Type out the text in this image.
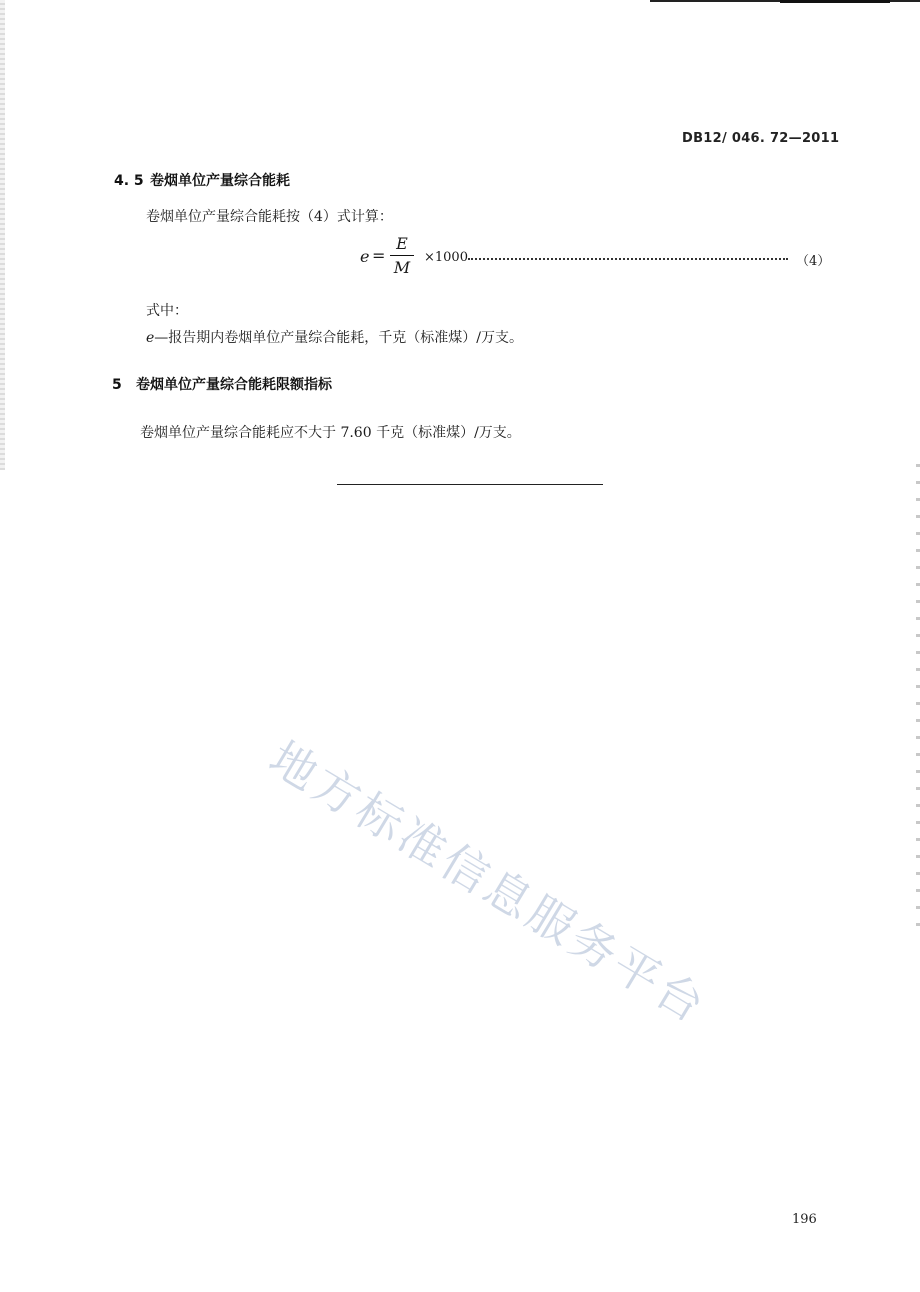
DB12/ 046. 72—2011
4. 5 卷烟单位产量综合能耗
卷烟单位产量综合能耗按（4）式计算：
e =
E
M
×1000	（4）
式中：
e—报告期内卷烟单位产量综合能耗，千克（标准煤）/万支。
5 卷烟单位产量综合能耗限额指标
卷烟单位产量综合能耗应不大于 7.60 千克（标准煤）/万支。
地方标准信息服务平台
196
